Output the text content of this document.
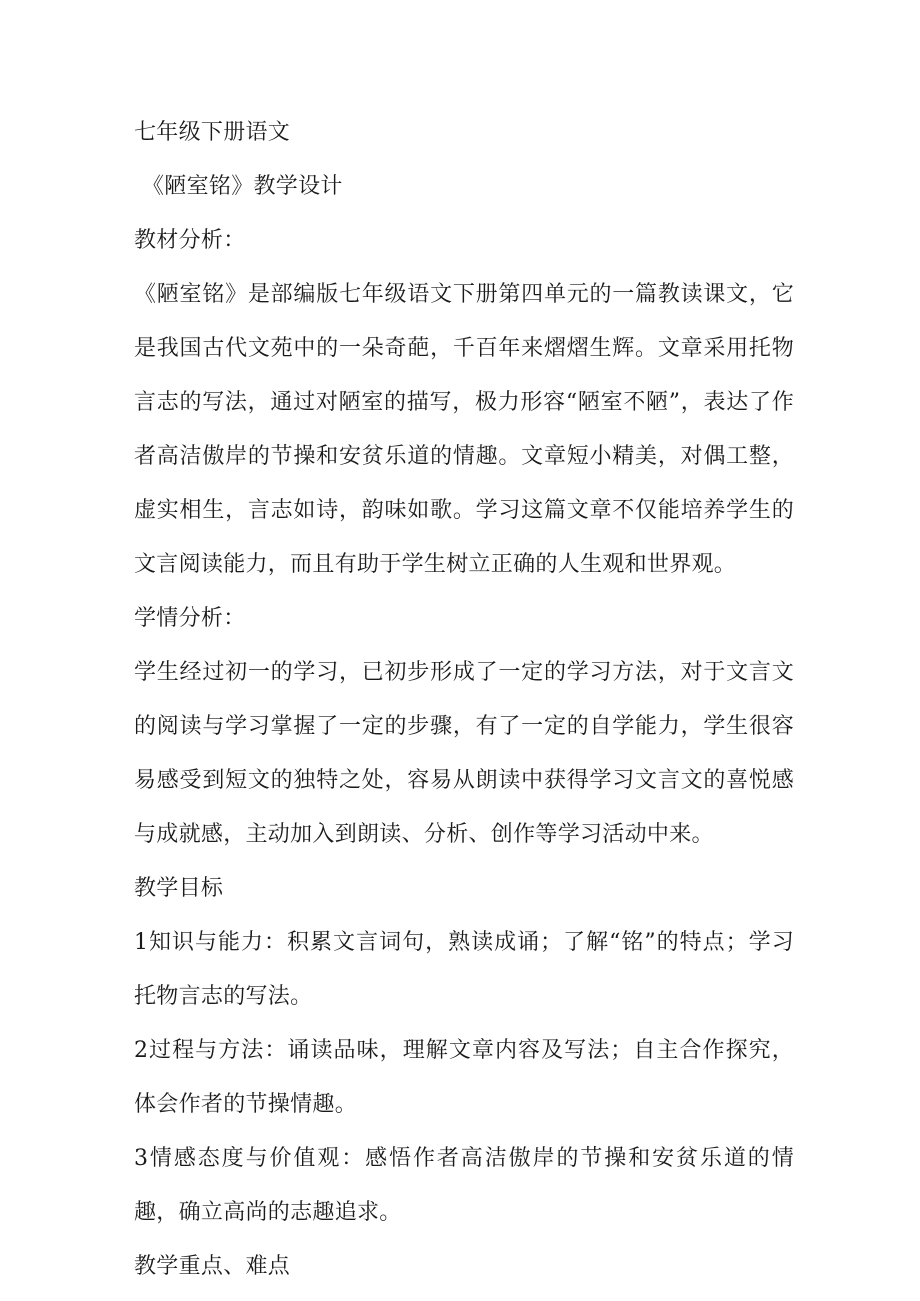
七年级下册语文
《陋室铭》教学设计
教材分析：
《陋室铭》是部编版七年级语文下册第四单元的一篇教读课文，它是我国古代文苑中的一朵奇葩，千百年来熠熠生辉。文章采用托物言志的写法，通过对陋室的描写，极力形容“陋室不陋”，表达了作者高洁傲岸的节操和安贫乐道的情趣。文章短小精美，对偶工整，虚实相生，言志如诗，韵味如歌。学习这篇文章不仅能培养学生的文言阅读能力，而且有助于学生树立正确的人生观和世界观。
学情分析：
学生经过初一的学习，已初步形成了一定的学习方法，对于文言文的阅读与学习掌握了一定的步骤，有了一定的自学能力，学生很容易感受到短文的独特之处，容易从朗读中获得学习文言文的喜悦感与成就感，主动加入到朗读、分析、创作等学习活动中来。
教学目标
1知识与能力：积累文言词句，熟读成诵；了解“铭”的特点；学习托物言志的写法。
2过程与方法：诵读品味，理解文章内容及写法；自主合作探究，体会作者的节操情趣。
3情感态度与价值观：感悟作者高洁傲岸的节操和安贫乐道的情趣，确立高尚的志趣追求。
教学重点、难点
